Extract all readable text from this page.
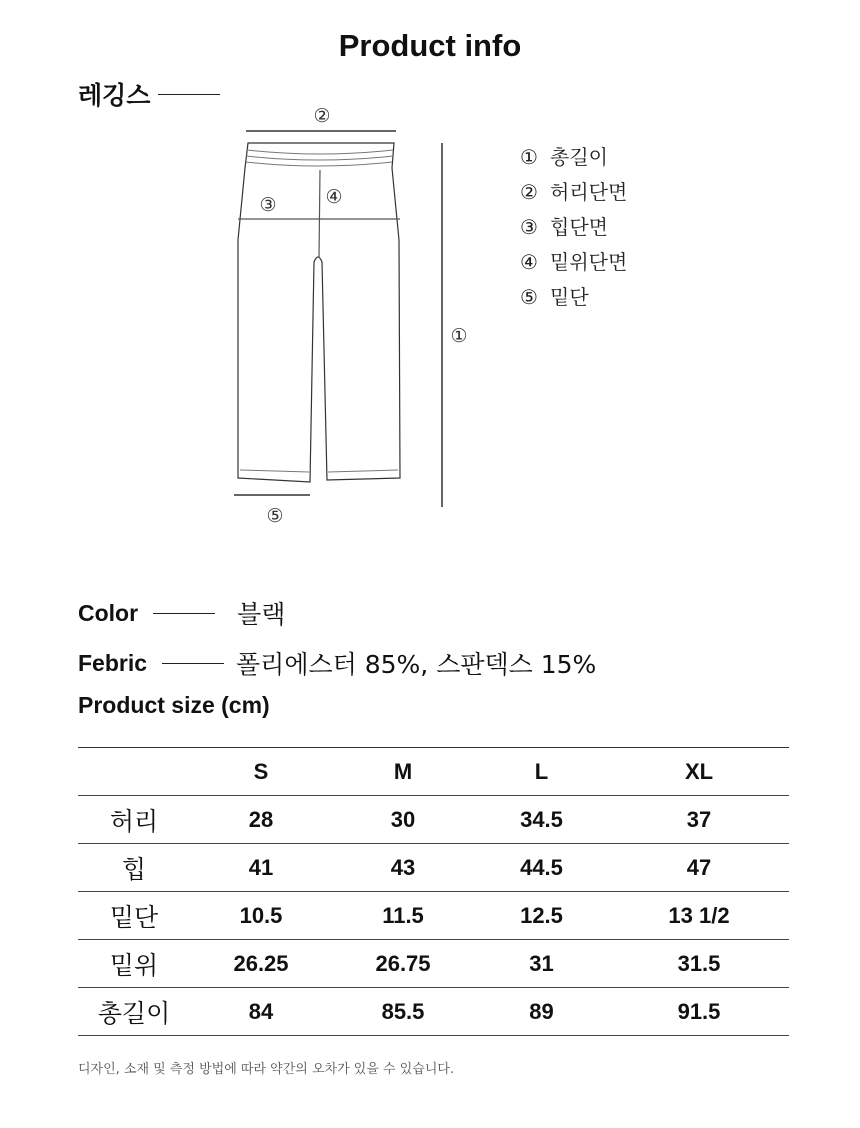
Product info
레깅스
②
③	④
①
⑤
① 총길이
② 허리단면
③ 힙단면
④ 밑위단면
⑤ 밑단
Color	블랙
Febric	폴리에스터 85%, 스판덱스 15%
Product size (cm)
	S	M	L	XL
허리	28	30	34.5	37
힙	41	43	44.5	47
밑단	10.5	11.5	12.5	13 1/2
밑위	26.25	26.75	31	31.5
총길이	84	85.5	89	91.5
디자인, 소재 및 측정 방법에 따라 약간의 오차가 있을 수 있습니다.
